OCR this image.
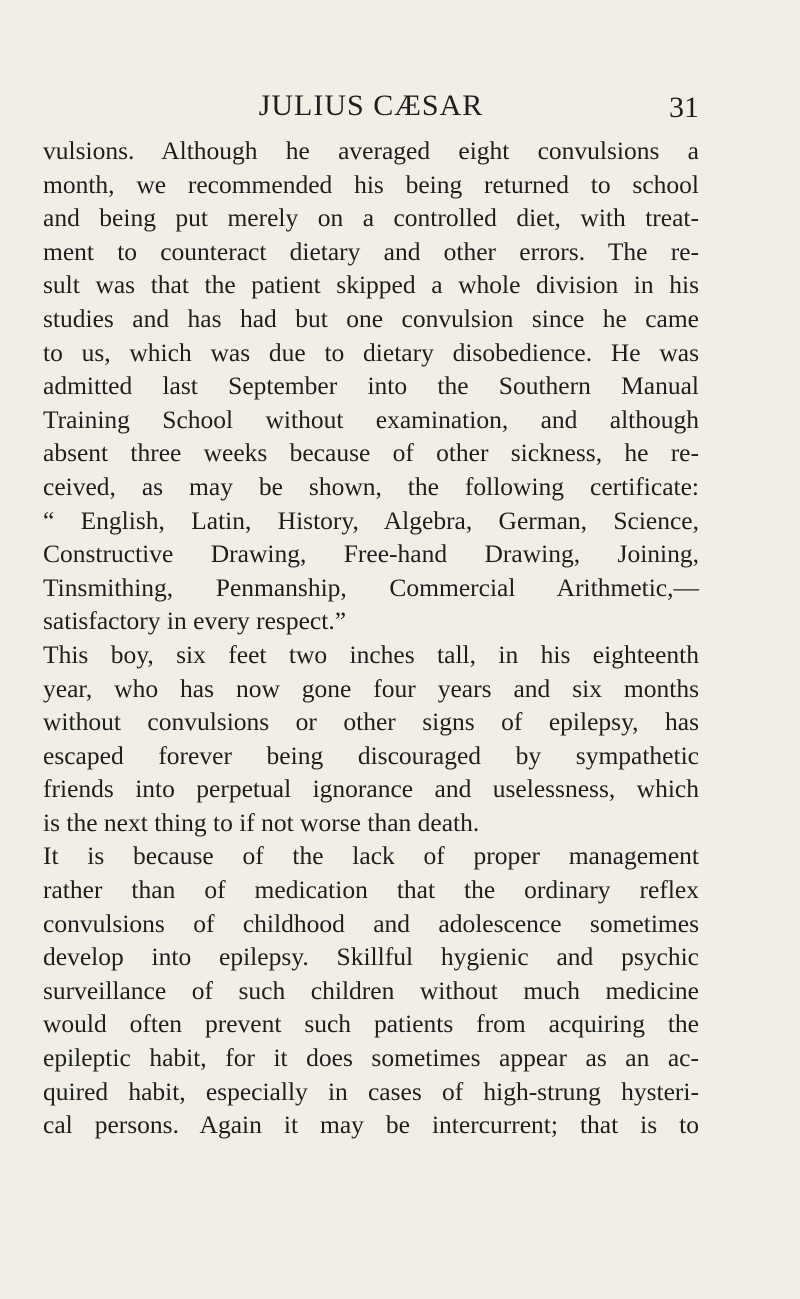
JULIUS CÆSAR	31
vulsions. Although he averaged eight convulsions a
month, we recommended his being returned to school
and being put merely on a controlled diet, with treat-
ment to counteract dietary and other errors. The re-
sult was that the patient skipped a whole division in his
studies and has had but one convulsion since he came
to us, which was due to dietary disobedience. He was
admitted last September into the Southern Manual
Training School without examination, and although
absent three weeks because of other sickness, he re-
ceived, as may be shown, the following certificate:
“ English, Latin, History, Algebra, German, Science,
Constructive Drawing, Free-hand Drawing, Joining,
Tinsmithing, Penmanship, Commercial Arithmetic,—
satisfactory in every respect.”
This boy, six feet two inches tall, in his eighteenth
year, who has now gone four years and six months
without convulsions or other signs of epilepsy, has
escaped forever being discouraged by sympathetic
friends into perpetual ignorance and uselessness, which
is the next thing to if not worse than death.
It is because of the lack of proper management
rather than of medication that the ordinary reflex
convulsions of childhood and adolescence sometimes
develop into epilepsy. Skillful hygienic and psychic
surveillance of such children without much medicine
would often prevent such patients from acquiring the
epileptic habit, for it does sometimes appear as an ac-
quired habit, especially in cases of high-strung hysteri-
cal persons. Again it may be intercurrent; that is to
